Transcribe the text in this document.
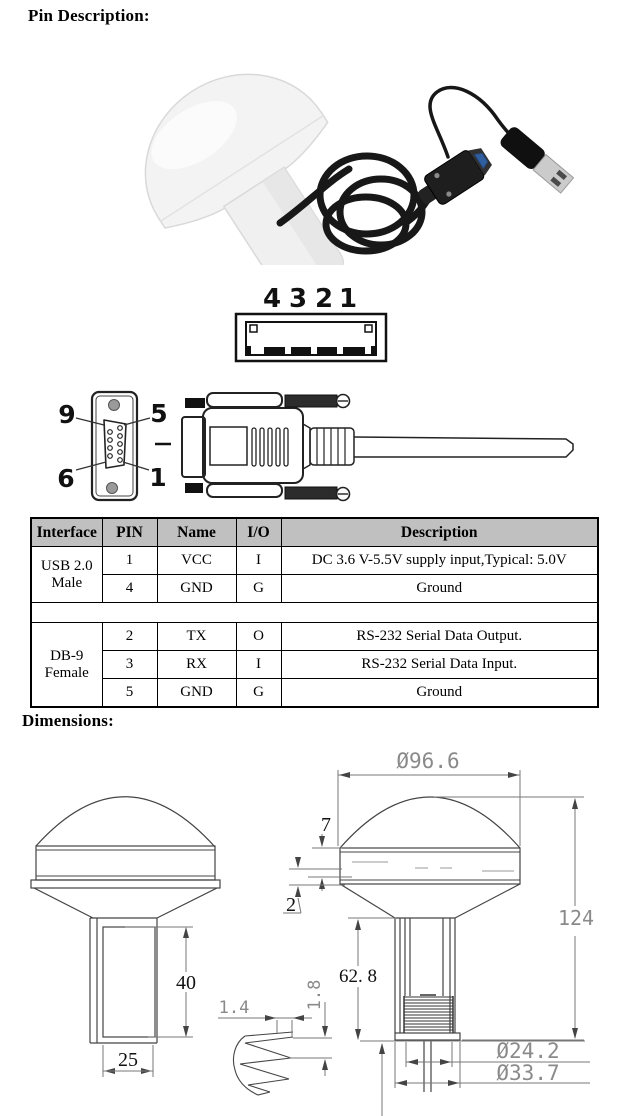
Pin Description:
4 3 2 1
9	5
6	1
Interface	PIN	Name	I/O	Description
USB 2.0 Male	1	VCC	I	DC 3.6 V-5.5V supply input,Typical: 5.0V
	4	GND	G	Ground

DB-9 Female	2	TX	O	RS-232 Serial Data Output.
	3	RX	I	RS-232 Serial Data Input.
	5	GND	G	Ground
Dimensions:
40
25
1.4	1.8
Ø96.6
7
2
124
62. 8
Ø24.2
Ø33.7
